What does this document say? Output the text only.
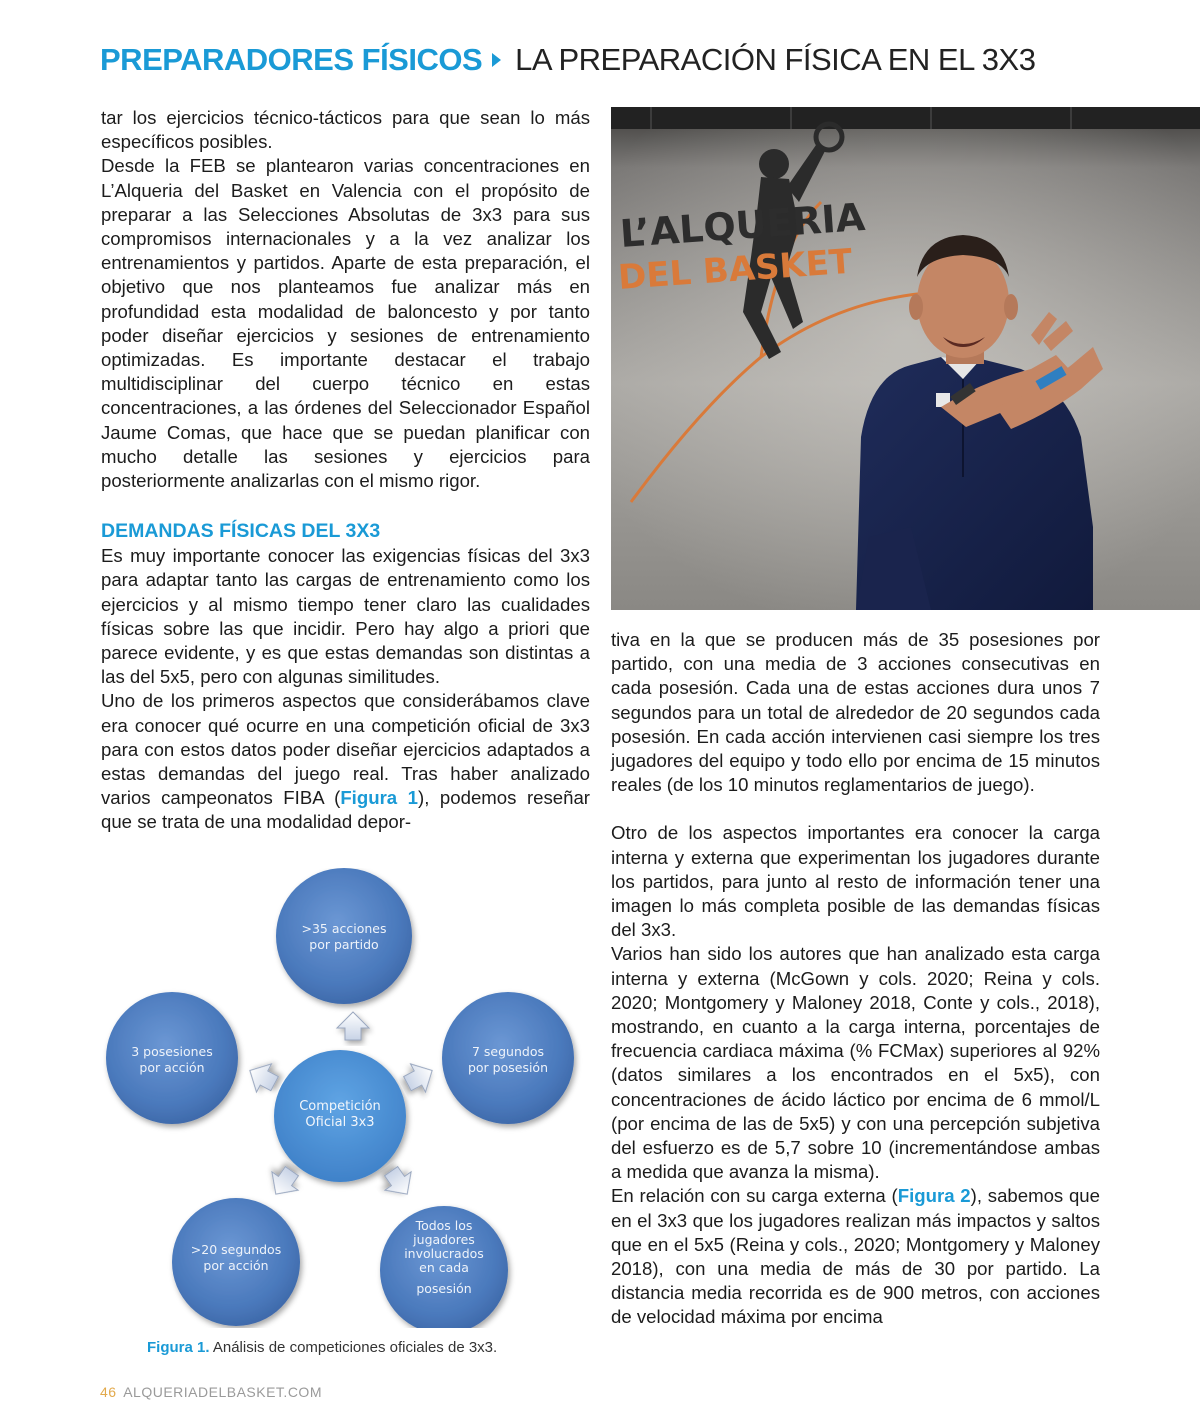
PREPARADORES FÍSICOS LA PREPARACIÓN FÍSICA EN EL 3X3

tar los ejercicios técnico-tácticos para que sean lo más específicos posibles.

Desde la FEB se plantearon varias concentraciones en L’Alqueria del Basket en Valencia con el propósito de preparar a las Selecciones Absolutas de 3x3 para sus compromisos internacionales y a la vez analizar los entrenamientos y partidos. Aparte de esta preparación, el objetivo que nos planteamos fue analizar más en profundidad esta modalidad de baloncesto y por tanto poder diseñar ejercicios y sesiones de entrenamiento optimizadas. Es importante destacar el trabajo multidisciplinar del cuerpo técnico en estas concentraciones, a las órdenes del Seleccionador Español Jaume Comas, que hace que se puedan planificar con mucho detalle las sesiones y ejercicios para posteriormente analizarlas con el mismo rigor.

DEMANDAS FÍSICAS DEL 3X3

Es muy importante conocer las exigencias físicas del 3x3 para adaptar tanto las cargas de entrenamiento como los ejercicios y al mismo tiempo tener claro las cualidades físicas sobre las que incidir. Pero hay algo a priori que parece evidente, y es que estas demandas son distintas a las del 5x5, pero con algunas similitudes.

Uno de los primeros aspectos que considerábamos clave era conocer qué ocurre en una competición oficial de 3x3 para con estos datos poder diseñar ejercicios adaptados a estas demandas del juego real. Tras haber analizado varios campeonatos FIBA (Figura 1), podemos reseñar que se trata de una modalidad depor-

L’ALQUERIA
DEL BASKET

tiva en la que se producen más de 35 posesiones por partido, con una media de 3 acciones consecutivas en cada posesión. Cada una de estas acciones dura unos 7 segundos para un total de alrededor de 20 segundos cada posesión. En cada acción intervienen casi siempre los tres jugadores del equipo y todo ello por encima de 15 minutos reales (de los 10 minutos reglamentarios de juego).

Otro de los aspectos importantes era conocer la carga interna y externa que experimentan los jugadores durante los partidos, para junto al resto de información tener una imagen lo más completa posible de las demandas físicas del 3x3.

Varios han sido los autores que han analizado esta carga interna y externa (McGown y cols. 2020; Reina y cols. 2020; Montgomery y Maloney 2018, Conte y cols., 2018), mostrando, en cuanto a la carga interna, porcentajes de frecuencia cardiaca máxima (% FCMax) superiores al 92% (datos similares a los encontrados en el 5x5), con concentraciones de ácido láctico por encima de 6 mmol/L (por encima de las de 5x5) y con una percepción subjetiva del esfuerzo es de 5,7 sobre 10 (incrementándose ambas a medida que avanza la misma).

En relación con su carga externa (Figura 2), sabemos que en el 3x3 que los jugadores realizan más impactos y saltos que en el 5x5 (Reina y cols., 2020; Montgomery y Maloney 2018), con una media de más de 30 por partido. La distancia media recorrida es de 900 metros, con acciones de velocidad máxima por encima

Competición
Oficial 3x3
>35 acciones
por partido
7 segundos
por posesión
Todos los
jugadores
involucrados
en cada
posesión
>20 segundos
por acción
3 posesiones
por acción
Figura 1. Análisis de competiciones oficiales de 3x3.
46 ALQUERIADELBASKET.COM
